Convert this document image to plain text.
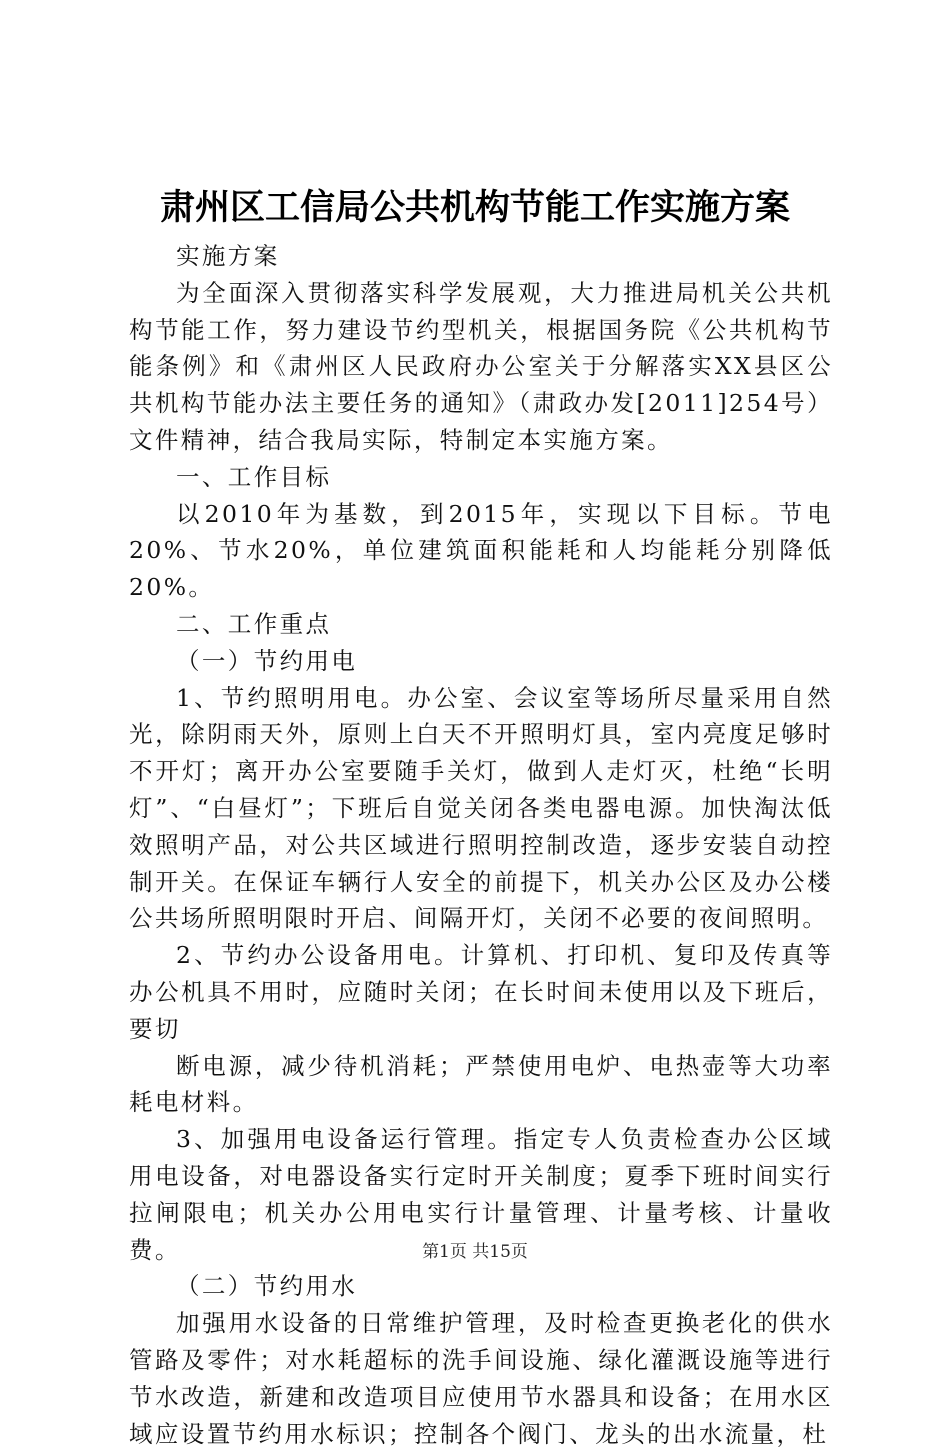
肃州区工信局公共机构节能工作实施方案

实施方案

为全面深入贯彻落实科学发展观，大力推进局机关公共机构节能工作，努力建设节约型机关，根据国务院《公共机构节能条例》和《肃州区人民政府办公室关于分解落实XX县区公共机构节能办法主要任务的通知》（肃政办发[2011]254号）文件精神，结合我局实际，特制定本实施方案。

一、工作目标

以2010年为基数，到2015年，实现以下目标。节电20%、节水20%，单位建筑面积能耗和人均能耗分别降低20%。

二、工作重点

（一）节约用电

1、节约照明用电。办公室、会议室等场所尽量采用自然光，除阴雨天外，原则上白天不开照明灯具，室内亮度足够时不开灯；离开办公室要随手关灯，做到人走灯灭，杜绝“长明灯”、“白昼灯”；下班后自觉关闭各类电器电源。加快淘汰低效照明产品，对公共区域进行照明控制改造，逐步安装自动控制开关。在保证车辆行人安全的前提下，机关办公区及办公楼公共场所照明限时开启、间隔开灯，关闭不必要的夜间照明。

2、节约办公设备用电。计算机、打印机、复印及传真等办公机具不用时，应随时关闭；在长时间未使用以及下班后，要切

断电源，减少待机消耗；严禁使用电炉、电热壶等大功率耗电材料。

3、加强用电设备运行管理。指定专人负责检查办公区域用电设备，对电器设备实行定时开关制度；夏季下班时间实行拉闸限电；机关办公用电实行计量管理、计量考核、计量收费。

（二）节约用水

加强用水设备的日常维护管理，及时检查更换老化的供水管路及零件；对水耗超标的洗手间设施、绿化灌溉设施等进行节水改造，新建和改造项目应使用节水器具和设备；在用水区域应设置节约用水标识；控制各个阀门、龙头的出水流量，杜

第1页 共15页
